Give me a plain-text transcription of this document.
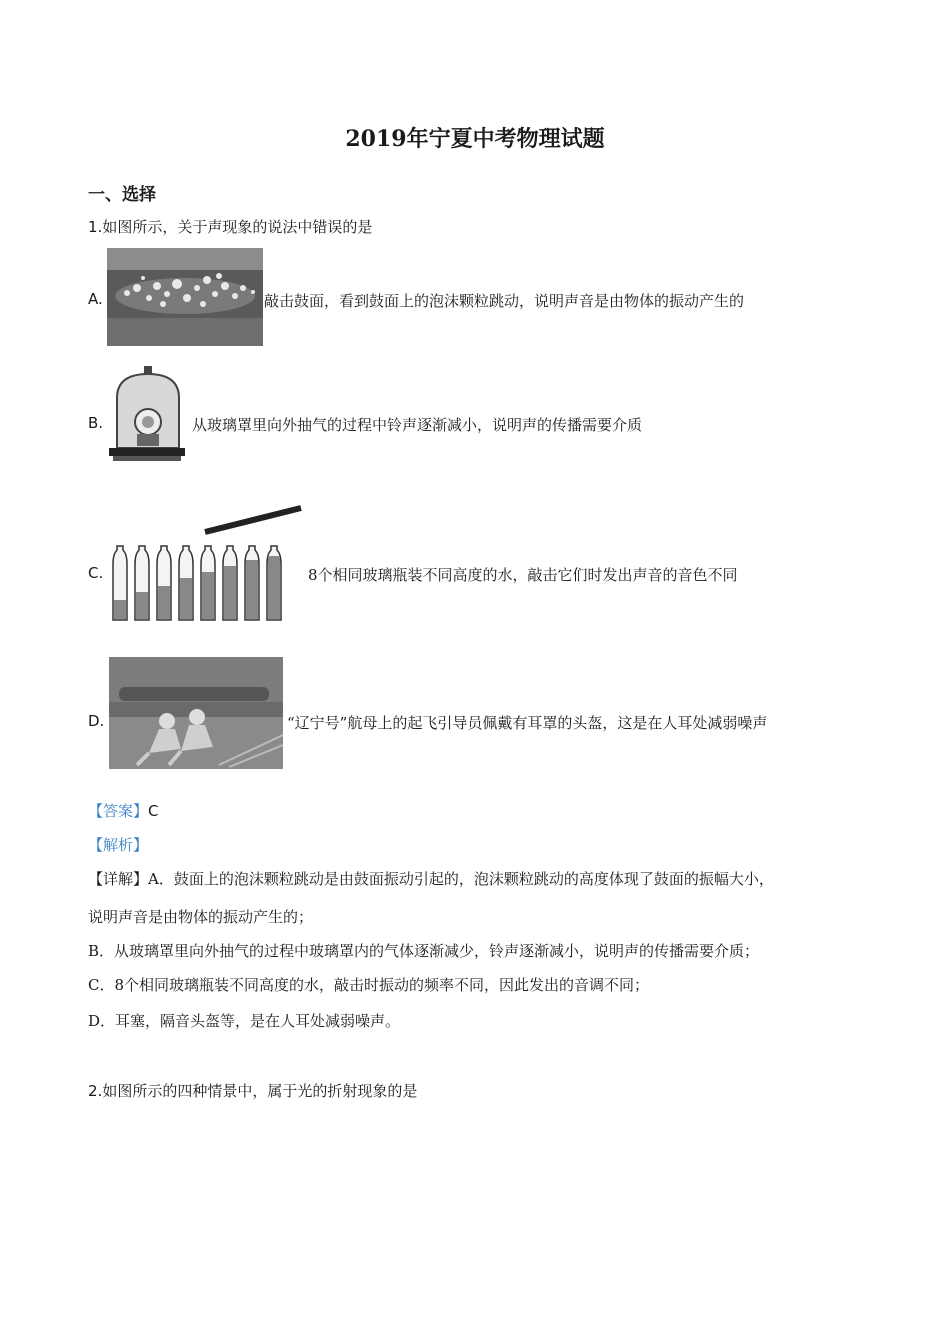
2019年宁夏中考物理试题
一、选择
1.如图所示，关于声现象的说法中错误的是
A.	敲击鼓面，看到鼓面上的泡沫颗粒跳动，说明声音是由物体的振动产生的
B.	从玻璃罩里向外抽气的过程中铃声逐渐减小，说明声的传播需要介质
C.	8个相同玻璃瓶装不同高度的水，敲击它们时发出声音的音色不同
D.	“辽宁号”航母上的起飞引导员佩戴有耳罩的头盔，这是在人耳处减弱噪声
【答案】C
【解析】
【详解】A．鼓面上的泡沫颗粒跳动是由鼓面振动引起的，泡沫颗粒跳动的高度体现了鼓面的振幅大小，
说明声音是由物体的振动产生的；
B．从玻璃罩里向外抽气的过程中玻璃罩内的气体逐渐减少，铃声逐渐减小，说明声的传播需要介质；
C．8个相同玻璃瓶装不同高度的水，敲击时振动的频率不同，因此发出的音调不同；
D．耳塞，隔音头盔等，是在人耳处减弱噪声。
2.如图所示的四种情景中，属于光的折射现象的是
